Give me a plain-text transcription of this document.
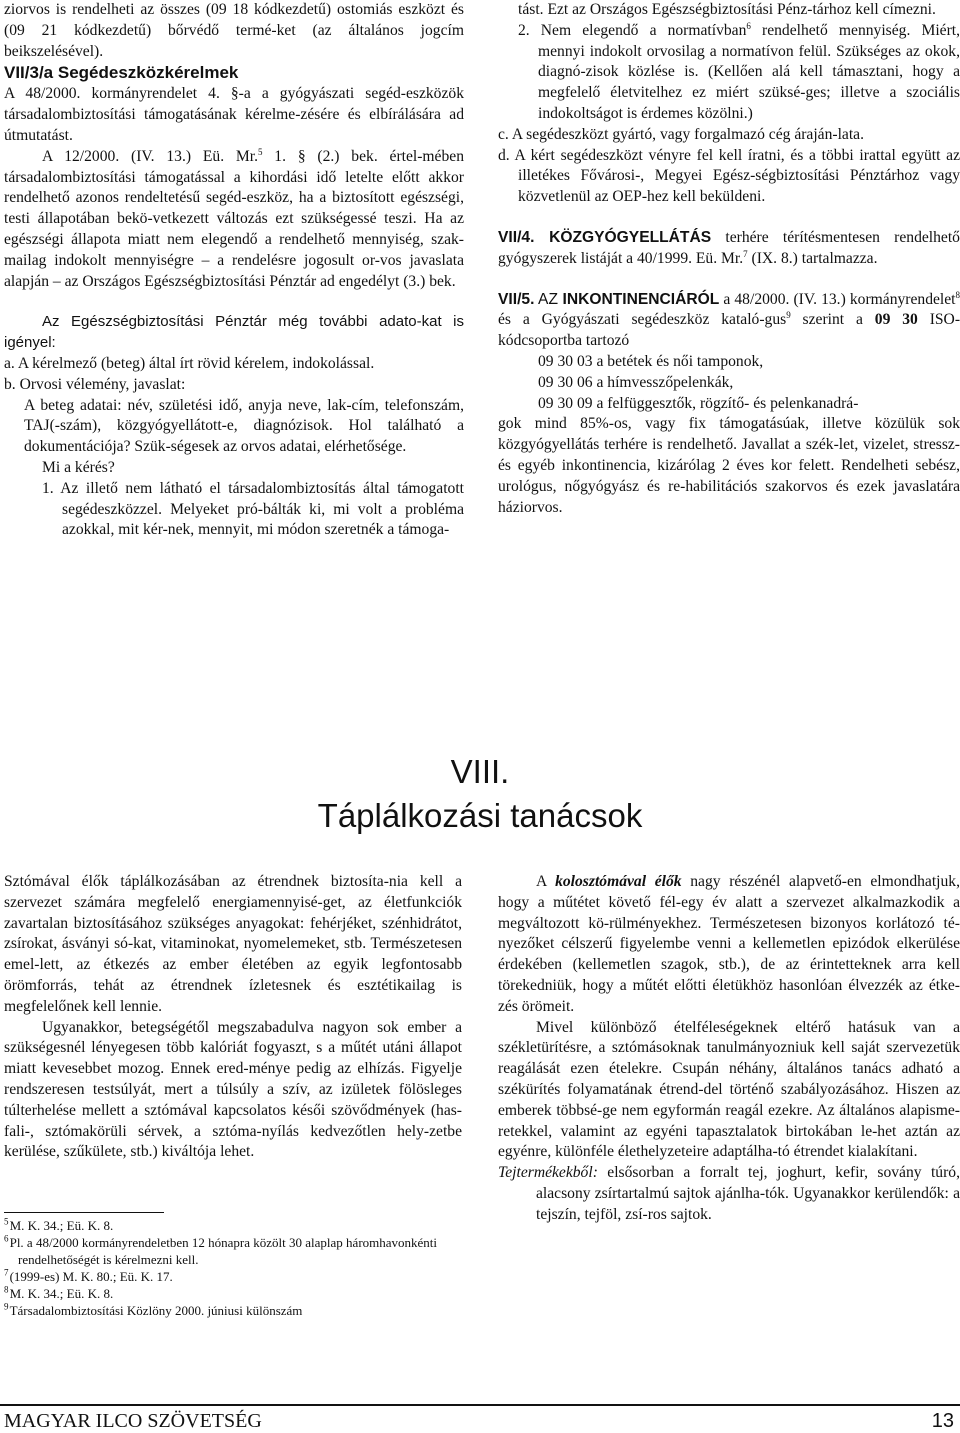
ziorvos is rendelheti az összes (09 18 kódkezdetű) ostomiás eszközt és (09 21 kódkezdetű) bőrvédő termé-ket (az általános jogcím beikszelésével).

VII/3/a Segédeszközkérelmek

A 48/2000. kormányrendelet 4. §-a a gyógyászati segéd-eszközök társadalombiztosítási támogatásának kérelme-zésére és elbírálására ad útmutatást.

A 12/2000. (IV. 13.) Eü. Mr.$^5$ 1. § (2.) bek. értel-mében társadalombiztosítási támogatással a kihordási idő letelte előtt akkor rendelhető azonos rendeltetésű segéd-eszköz, ha a biztosított egészségi, testi állapotában bekö-vetkezett változás ezt szükségessé teszi. Ha az egészségi állapota miatt nem elegendő a rendelhető mennyiség, szak-mailag indokolt mennyiségre – a rendelésre jogosult or-vos javaslata alapján – az Országos Egészségbiztosítási Pénztár ad engedélyt (3.) bek.

Az Egészségbiztosítási Pénztár még további adato-kat is igényel:

a. A kérelmező (beteg) által írt rövid kérelem, indokolással.

b. Orvosi vélemény, javaslat:

A beteg adatai: név, születési idő, anyja neve, lak-cím, telefonszám, TAJ(-szám), közgyógyellátott-e, diagnózisok. Hol található a dokumentációja? Szük-ségesek az orvos adatai, elérhetősége.

Mi a kérés?

1. Az illető nem látható el társadalombiztosítás által támogatott segédeszközzel. Melyeket pró-bálták ki, mi volt a probléma azokkal, mit kér-nek, mennyit, mi módon szeretnék a támoga-

tást. Ezt az Országos Egészségbiztosítási Pénz-tárhoz kell címezni.

2. Nem elegendő a normatívban$^6$ rendelhető mennyiség. Miért, mennyi indokolt orvosilag a normatívon felül. Szükséges az okok, diagnó-zisok közlése is. (Kellően alá kell támasztani, hogy a megfelelő életvitelhez ez miért szüksé-ges; illetve a szociális indokoltságot is érdemes közölni.)

c. A segédeszközt gyártó, vagy forgalmazó cég áraján-lata.

d. A kért segédeszközt vényre fel kell íratni, és a többi irattal együtt az illetékes Fővárosi-, Megyei Egész-ségbiztosítási Pénztárhoz vagy közvetlenül az OEP-hez kell beküldeni.

VII/4. KÖZGYÓGYELLÁTÁS terhére térítésmentesen rendelhető gyógyszerek listáját a 40/1999. Eü. Mr.$^7$ (IX. 8.) tartalmazza.

VII/5. AZ INKONTINENCIÁRÓL a 48/2000. (IV. 13.) kormányrendelet$^8$ és a Gyógyászati segédeszköz kataló-gus$^9$ szerint a 09 30 ISO-kódcsoportba tartozó

09 30 03 a betétek és női tamponok,

09 30 06 a hímvesszőpelenkák,

09 30 09 a felfüggesztők, rögzítő- és pelenkanadrá-

gok mind 85%-os, vagy fix támogatásúak, illetve közülük sok közgyógyellátás terhére is rendelhető. Javallat a szék-let, vizelet, stressz- és egyéb inkontinencia, kizárólag 2 éves kor felett. Rendelheti sebész, urológus, nőgyógyász és re-habilitációs szakorvos és ezek javaslatára háziorvos.

VIII.
Táplálkozási tanácsok

Sztómával élők táplálkozásában az étrendnek biztosíta-nia kell a szervezet számára megfelelő energiamennyisé-get, az életfunkciók zavartalan biztosításához szükséges anyagokat: fehérjéket, szénhidrátot, zsírokat, ásványi só-kat, vitaminokat, nyomelemeket, stb. Természetesen emel-lett, az étkezés az ember életében az egyik legfontosabb örömforrás, tehát az étrendnek ízletesnek és esztétikailag is megfelelőnek kell lennie.

Ugyanakkor, betegségétől megszabadulva nagyon sok ember a szükségesnél lényegesen több kalóriát fogyaszt, s a műtét utáni állapot miatt kevesebbet mozog. Ennek ered-ménye pedig az elhízás. Figyelje rendszeresen testsúlyát, mert a túlsúly a szív, az izületek fölösleges túlterhelése mellett a sztómával kapcsolatos késői szövődmények (has-fali-, sztómakörüli sérvek, a sztóma-nyílás kedvezőtlen hely-zetbe kerülése, szűkülete, stb.) kiváltója lehet.

A kolosztómával élők nagy részénél alapvető-en elmondhatjuk, hogy a műtétet követő fél-egy év alatt a szervezet alkalmazkodik a megváltozott kö-rülményekhez. Természetesen bizonyos korlátozó té-nyezőket célszerű figyelembe venni a kellemetlen epizódok elkerülése érdekében (kellemetlen szagok, stb.), de az érintetteknek arra kell törekedniük, hogy a műtét előtti életükhöz hasonlóan élvezzék az étke-zés örömeit.

Mivel különböző ételféleségeknek eltérő hatásuk van a székletürítésre, a sztómásoknak tanulmányozniuk kell saját szervezetük reagálását ezen ételekre. Csupán néhány, általános tanács adható a székürítés folyamatának étrend-del történő szabályozásához. Hiszen az emberek többsé-ge nem egyformán reagál ezekre. Az általános alapisme-retekkel, valamint az egyéni tapasztalatok birtokában le-het aztán az egyénre, különféle élethelyzeteire adaptálha-tó étrendet kialakítani.

Tejtermékekből: elsősorban a forralt tej, joghurt, kefir, sovány túró, alacsony zsírtartalmú sajtok ajánlha-tók. Ugyanakkor kerülendők: a tejszín, tejföl, zsí-ros sajtok.

$^5$ M. K. 34.; Eü. K. 8.

$^6$ Pl. a 48/2000 kormányrendeletben 12 hónapra közölt 30 alaplap háromhavonkénti rendelhetőségét is kérelmezni kell.

$^7$ (1999-es) M. K. 80.; Eü. K. 17.

$^8$ M. K. 34.; Eü. K. 8.

$^9$ Társadalombiztosítási Közlöny 2000. júniusi különszám

MAGYAR ILCO SZÖVETSÉG	13
